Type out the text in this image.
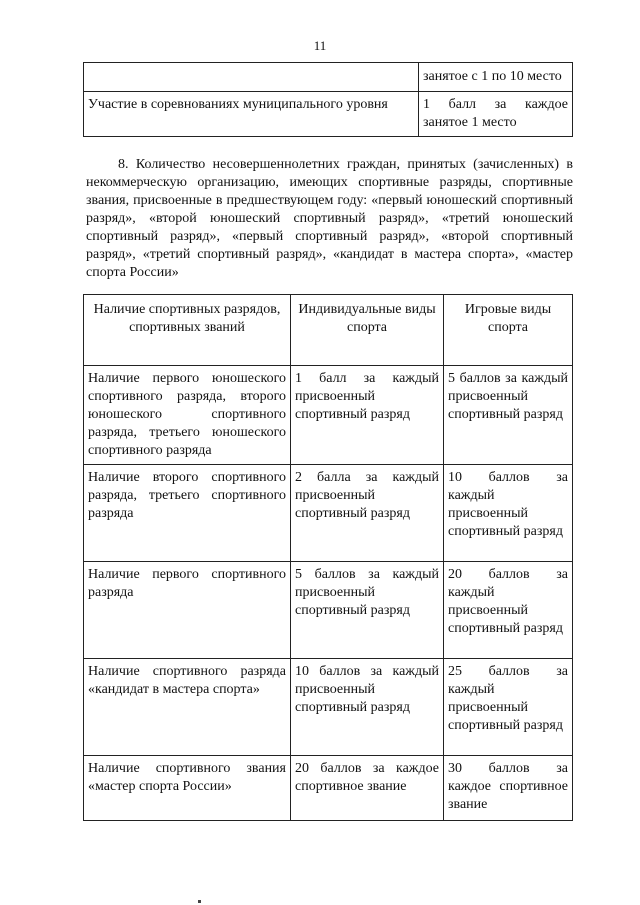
11
	занятое с 1 по 10 место
Участие в соревнованиях муниципального уровня	1 балл за каждое занятое 1 место
8. Количество несовершеннолетних граждан, принятых (зачисленных) в некоммерческую организацию, имеющих спортивные разряды, спортивные звания, присвоенные в предшествующем году: «первый юношеский спортивный разряд», «второй юношеский спортивный разряд», «третий юношеский спортивный разряд», «первый спортивный разряд», «второй спортивный разряд», «третий спортивный разряд», «кандидат в мастера спорта», «мастер спорта России»
Наличие спортивных разрядов, спортивных званий	Индивидуальные виды спорта	Игровые виды спорта
Наличие первого юношеского спортивного разряда, второго юношеского спортивного разряда, третьего юношеского спортивного разряда	1 балл за каждый присвоенный спортивный разряд	5 баллов за каждый присвоенный спортивный разряд
Наличие второго спортивного разряда, третьего спортивного разряда	2 балла за каждый присвоенный спортивный разряд	10 баллов за каждый присвоенный спортивный разряд
Наличие первого спортивного разряда	5 баллов за каждый присвоенный спортивный разряд	20 баллов за каждый присвоенный спортивный разряд
Наличие спортивного разряда «кандидат в мастера спорта»	10 баллов за каждый присвоенный спортивный разряд	25 баллов за каждый присвоенный спортивный разряд
Наличие спортивного звания «мастер спорта России»	20 баллов за каждое спортивное звание	30 баллов за каждое спортивное звание
